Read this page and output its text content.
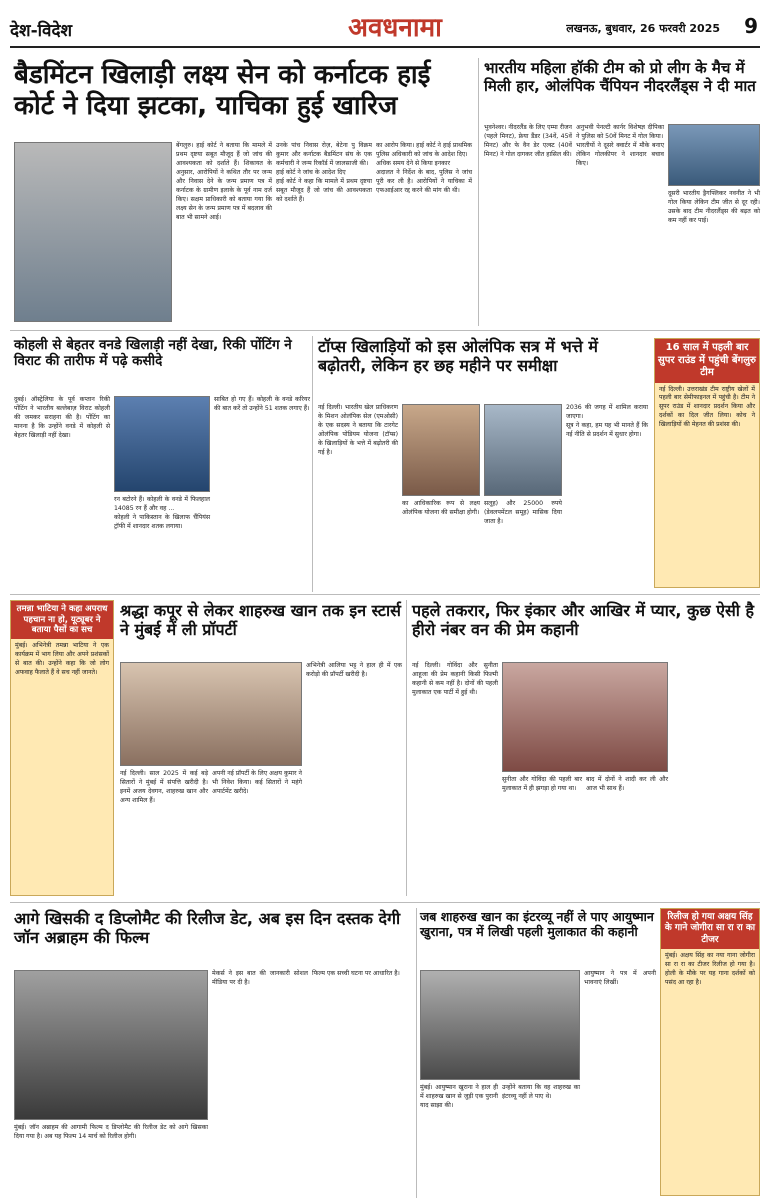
देश-विदेश	अवधनामा	लखनऊ, बुधवार, 26 फरवरी 2025	9
बैडमिंटन खिलाड़ी लक्ष्य सेन को कर्नाटक हाई कोर्ट ने दिया झटका, याचिका हुई खारिज
बेंगलुरु। हाई कोर्ट ने बताया कि मामले में प्रथम दृष्टया सबूत मौजूद हैं जो जांच की आवश्यकता को दर्शाते हैं। शिकायत के अनुसार, आरोपियों ने कथित तौर पर जन्म और निवास देने के जन्म प्रमाण पत्र में कर्नाटक के ग्रामीण इलाके के पूर्व नाम दर्ज किए। सक्षम प्राधिकारी को बताया गया कि लक्ष्य सेन के जन्म प्रमाण पत्र में बदलाव की बात भी सामने आई।
उनके पांच निवास रोज़, बेटेना पु विक्रम कुमार और कर्नाटक बैडमिंटन संघ के एक कर्मचारी ने जन्म रिकॉर्ड में जालसाजी की।
हाई कोर्ट ने जांच के आदेश दिए
हाई कोर्ट ने कहा कि मामले में प्रथम दृष्टया सबूत मौजूद हैं जो जांच की आवश्यकता को दर्शाते हैं।
का आरोप किया। हाई कोर्ट ने हाई प्राथमिक पुलिस अधिकारी को जांच के आदेश दिए।
अधिक समय देने से किया इनकार
अदालत ने निर्देश के बाद, पुलिस ने जांच पूरी कर ली है। आरोपियों ने याचिका में एफआईआर रद्द करने की मांग की थी।
भारतीय महिला हॉकी टीम को प्रो लीग के मैच में मिली हार, ओलंपिक चैंपियन नीदरलैंड्स ने दी मात
भुवनेश्वर। नीदरलैंड के लिए एम्मा रीजन (पहले मिनट), फ्रेया डैंडर (34वें, 45वें मिनट) और फे वैन डेर एल्स्ट (40वें मिनट) ने गोल दागकर जीत हासिल की।
अनुभवी पेनल्टी कार्नर विशेषज्ञ दीपिका ने पुलिस को 50वें मिनट में गोल किया।
भारतीयों ने दूसरे क्वार्टर में मौके बनाए लेकिन गोलकीपर ने शानदार बचाव किए।
दूसरी भारतीय ड्रैगफ्लिकर नवनीत ने भी गोल किया लेकिन टीम जीत से दूर रही। उसके बाद टीम नीदरलैंड्स की बढ़त को कम नहीं कर पाई।
कोहली से बेहतर वनडे खिलाड़ी नहीं देखा, रिकी पोंटिंग ने विराट की तारीफ में पढ़े कसीदे
दुबई। ऑस्ट्रेलिया के पूर्व कप्तान रिकी पोंटिंग ने भारतीय बल्लेबाज़ विराट कोहली की जमकर सराहना की है। पोंटिंग का मानना है कि उन्होंने वनडे में कोहली से बेहतर खिलाड़ी नहीं देखा।
रन बटोरने हैं। कोहली के वनडे में फिलहाल 14085 रन हैं और वह ...
कोहली ने पाकिस्तान के खिलाफ चैंपियंस ट्रॉफी में शानदार शतक लगाया।
साबित हो गए हैं। कोहली के वनडे करियर की बात करें तो उन्होंने 51 शतक लगाए हैं।
टॉप्स खिलाड़ियों को इस ओलंपिक सत्र में भत्ते में बढ़ोतरी, लेकिन हर छह महीने पर समीक्षा
नई दिल्ली। भारतीय खेल प्राधिकरण के मिशन ओलंपिक सेल (एमओसी) के एक सदस्य ने बताया कि टारगेट ओलंपिक पोडियम योजना (टॉप्स) के खिलाड़ियों के भत्ते में बढ़ोतरी की गई है।
का आधिकारिक रूप से लक्ष्य ओलंपिक योजना की समीक्षा होगी।
सलूह) और 25000 रुपये (डेवलपमेंटल समूह) मासिक दिया जाता है।
2036 की जगह में शामिल कराया जाएगा।
सूत्र ने कहा, हम यह भी मानते हैं कि नई नीति से प्रदर्शन में सुधार होगा।
16 साल में पहली बार सुपर राउंड में पहुंची बेंगलुरु टीम
नई दिल्ली। उत्तराखंड टीम राष्ट्रीय खेलों में पहली बार सेमीफाइनल में पहुंची है। टीम ने सुपर राउंड में शानदार प्रदर्शन किया और दर्शकों का दिल जीत लिया। कोच ने खिलाड़ियों की मेहनत की प्रशंसा की।
तमन्ना भाटिया ने कहा अपराध पहचान ना हो, यूट्यूबर ने बताया पैसों का सच
मुंबई। अभिनेत्री तमन्ना भाटिया ने एक कार्यक्रम में भाग लिया और अपने प्रशंसकों से बात की। उन्होंने कहा कि जो लोग अफवाह फैलाते हैं वे सच नहीं जानते।
श्रद्धा कपूर से लेकर शाहरुख खान तक इन स्टार्स ने मुंबई में ली प्रॉपर्टी
नई दिल्ली। साल 2025 में कई बड़े सितारों ने मुंबई में संपत्ति खरीदी है। इनमें अजय देवगन, शाहरुख खान और अन्य शामिल हैं।
अपनी नई प्रॉपर्टी के लिए अक्षय कुमार ने भी निवेश किया। कई सितारों ने महंगे अपार्टमेंट खरीदे।
अभिनेत्री आलिया भट्ट ने हाल ही में एक करोड़ो की प्रॉपर्टी खरीदी है।
पहले तकरार, फिर इंकार और आखिर में प्यार, कुछ ऐसी है हीरो नंबर वन की प्रेम कहानी
नई दिल्ली। गोविंदा और सुनीता आहूजा की प्रेम कहानी किसी फिल्मी कहानी से कम नहीं है। दोनों की पहली मुलाकात एक पार्टी में हुई थी।
सुनीता और गोविंदा की पहली बार मुलाकात में ही झगड़ा हो गया था।
बाद में दोनों ने शादी कर ली और आज भी साथ हैं।
आगे खिसकी द डिप्लोमैट की रिलीज डेट, अब इस दिन दस्तक देगी जॉन अब्राहम की फिल्म
मुंबई। जॉन अब्राहम की आगामी फिल्म द डिप्लोमैट की रिलीज डेट को आगे खिसका दिया गया है। अब यह फिल्म 14 मार्च को रिलीज होगी।
मेकर्स ने इस बात की जानकारी सोशल मीडिया पर दी है।
फिल्म एक सच्ची घटना पर आधारित है।
जब शाहरुख खान का इंटरव्यू नहीं ले पाए आयुष्मान खुराना, पत्र में लिखी पहली मुलाकात की कहानी
मुंबई। आयुष्मान खुराना ने हाल ही में शाहरुख खान से जुड़ी एक पुरानी याद साझा की।
उन्होंने बताया कि वह शाहरुख का इंटरव्यू नहीं ले पाए थे।
आयुष्मान ने पत्र में अपनी भावनाएं लिखीं।
रिलीज हो गया अक्षय सिंह के गाने जोगीरा सा रा रा का टीजर
मुंबई। अक्षय सिंह का नया गाना जोगीरा सा रा रा का टीजर रिलीज हो गया है। होली के मौके पर यह गाना दर्शकों को पसंद आ रहा है।
